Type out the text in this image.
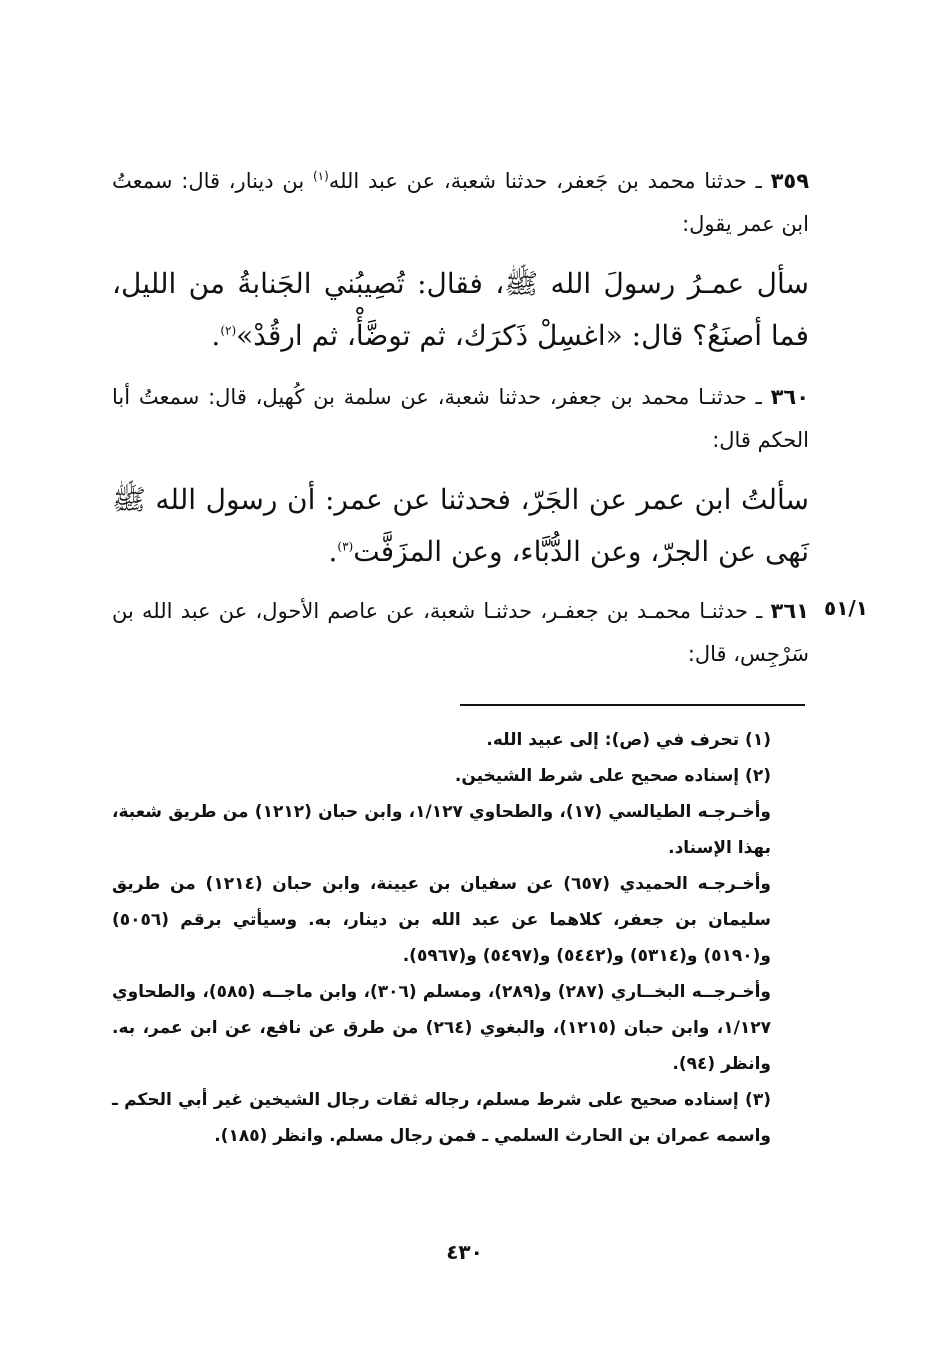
٣٥٩ ـ حدثنا محمد بن جَعفر، حدثنا شعبة، عن عبد الله$^{(١)}$ بن دينار، قال: سمعتُ ابن عمر يقول:
سأل عمـرُ رسولَ الله ﷺ، فقال: تُصِيبُني الجَنابةُ من الليل، فما أصنَعُ؟ قال: «اغسِلْ ذَكرَك، ثم توضَّأْ، ثم ارقُدْ»$^{(٢)}$.
٣٦٠ ـ حدثنـا محمد بن جعفر، حدثنا شعبة، عن سلمة بن كُهيل، قال: سمعتُ أبا الحكم قال:
سألتُ ابن عمر عن الجَرّ، فحدثنا عن عمر: أن رسول الله ﷺ نَهى عن الجرّ، وعن الدُّبَّاء، وعن المزَفَّت$^{(٣)}$.
٣٦١ ـ حدثنـا محمـد بن جعفـر، حدثنـا شعبة، عن عاصم الأحول، عن عبد الله بن سَرْجِس، قال:
٥١/١
(١) تحرف في (ص): إلى عبيد الله.
(٢) إسناده صحيح على شرط الشيخين.
وأخـرجـه الطيالسي (١٧)، والطحاوي ١/١٢٧، وابن حبان (١٢١٢) من طريق شعبة، بهذا الإسناد.
وأخـرجـه الحميدي (٦٥٧) عن سفيان بن عيينة، وابن حبان (١٢١٤) من طريق سليمان بن جعفر، كلاهما عن عبد الله بن دينار، به. وسيأتي برقم (٥٠٥٦) و(٥١٩٠) و(٥٣١٤) و(٥٤٤٢) و(٥٤٩٧) و(٥٩٦٧).
وأخـرجــه البخــاري (٢٨٧) و(٢٨٩)، ومسلم (٣٠٦)، وابن ماجــه (٥٨٥)، والطحاوي ١/١٢٧، وابن حبان (١٢١٥)، والبغوي (٢٦٤) من طرق عن نافع، عن ابن عمر، به. وانظر (٩٤).
(٣) إسناده صحيح على شرط مسلم، رجاله ثقات رجال الشيخين غير أبي الحكم ـ واسمه عمران بن الحارث السلمي ـ فمن رجال مسلم. وانظر (١٨٥).
٤٣٠
